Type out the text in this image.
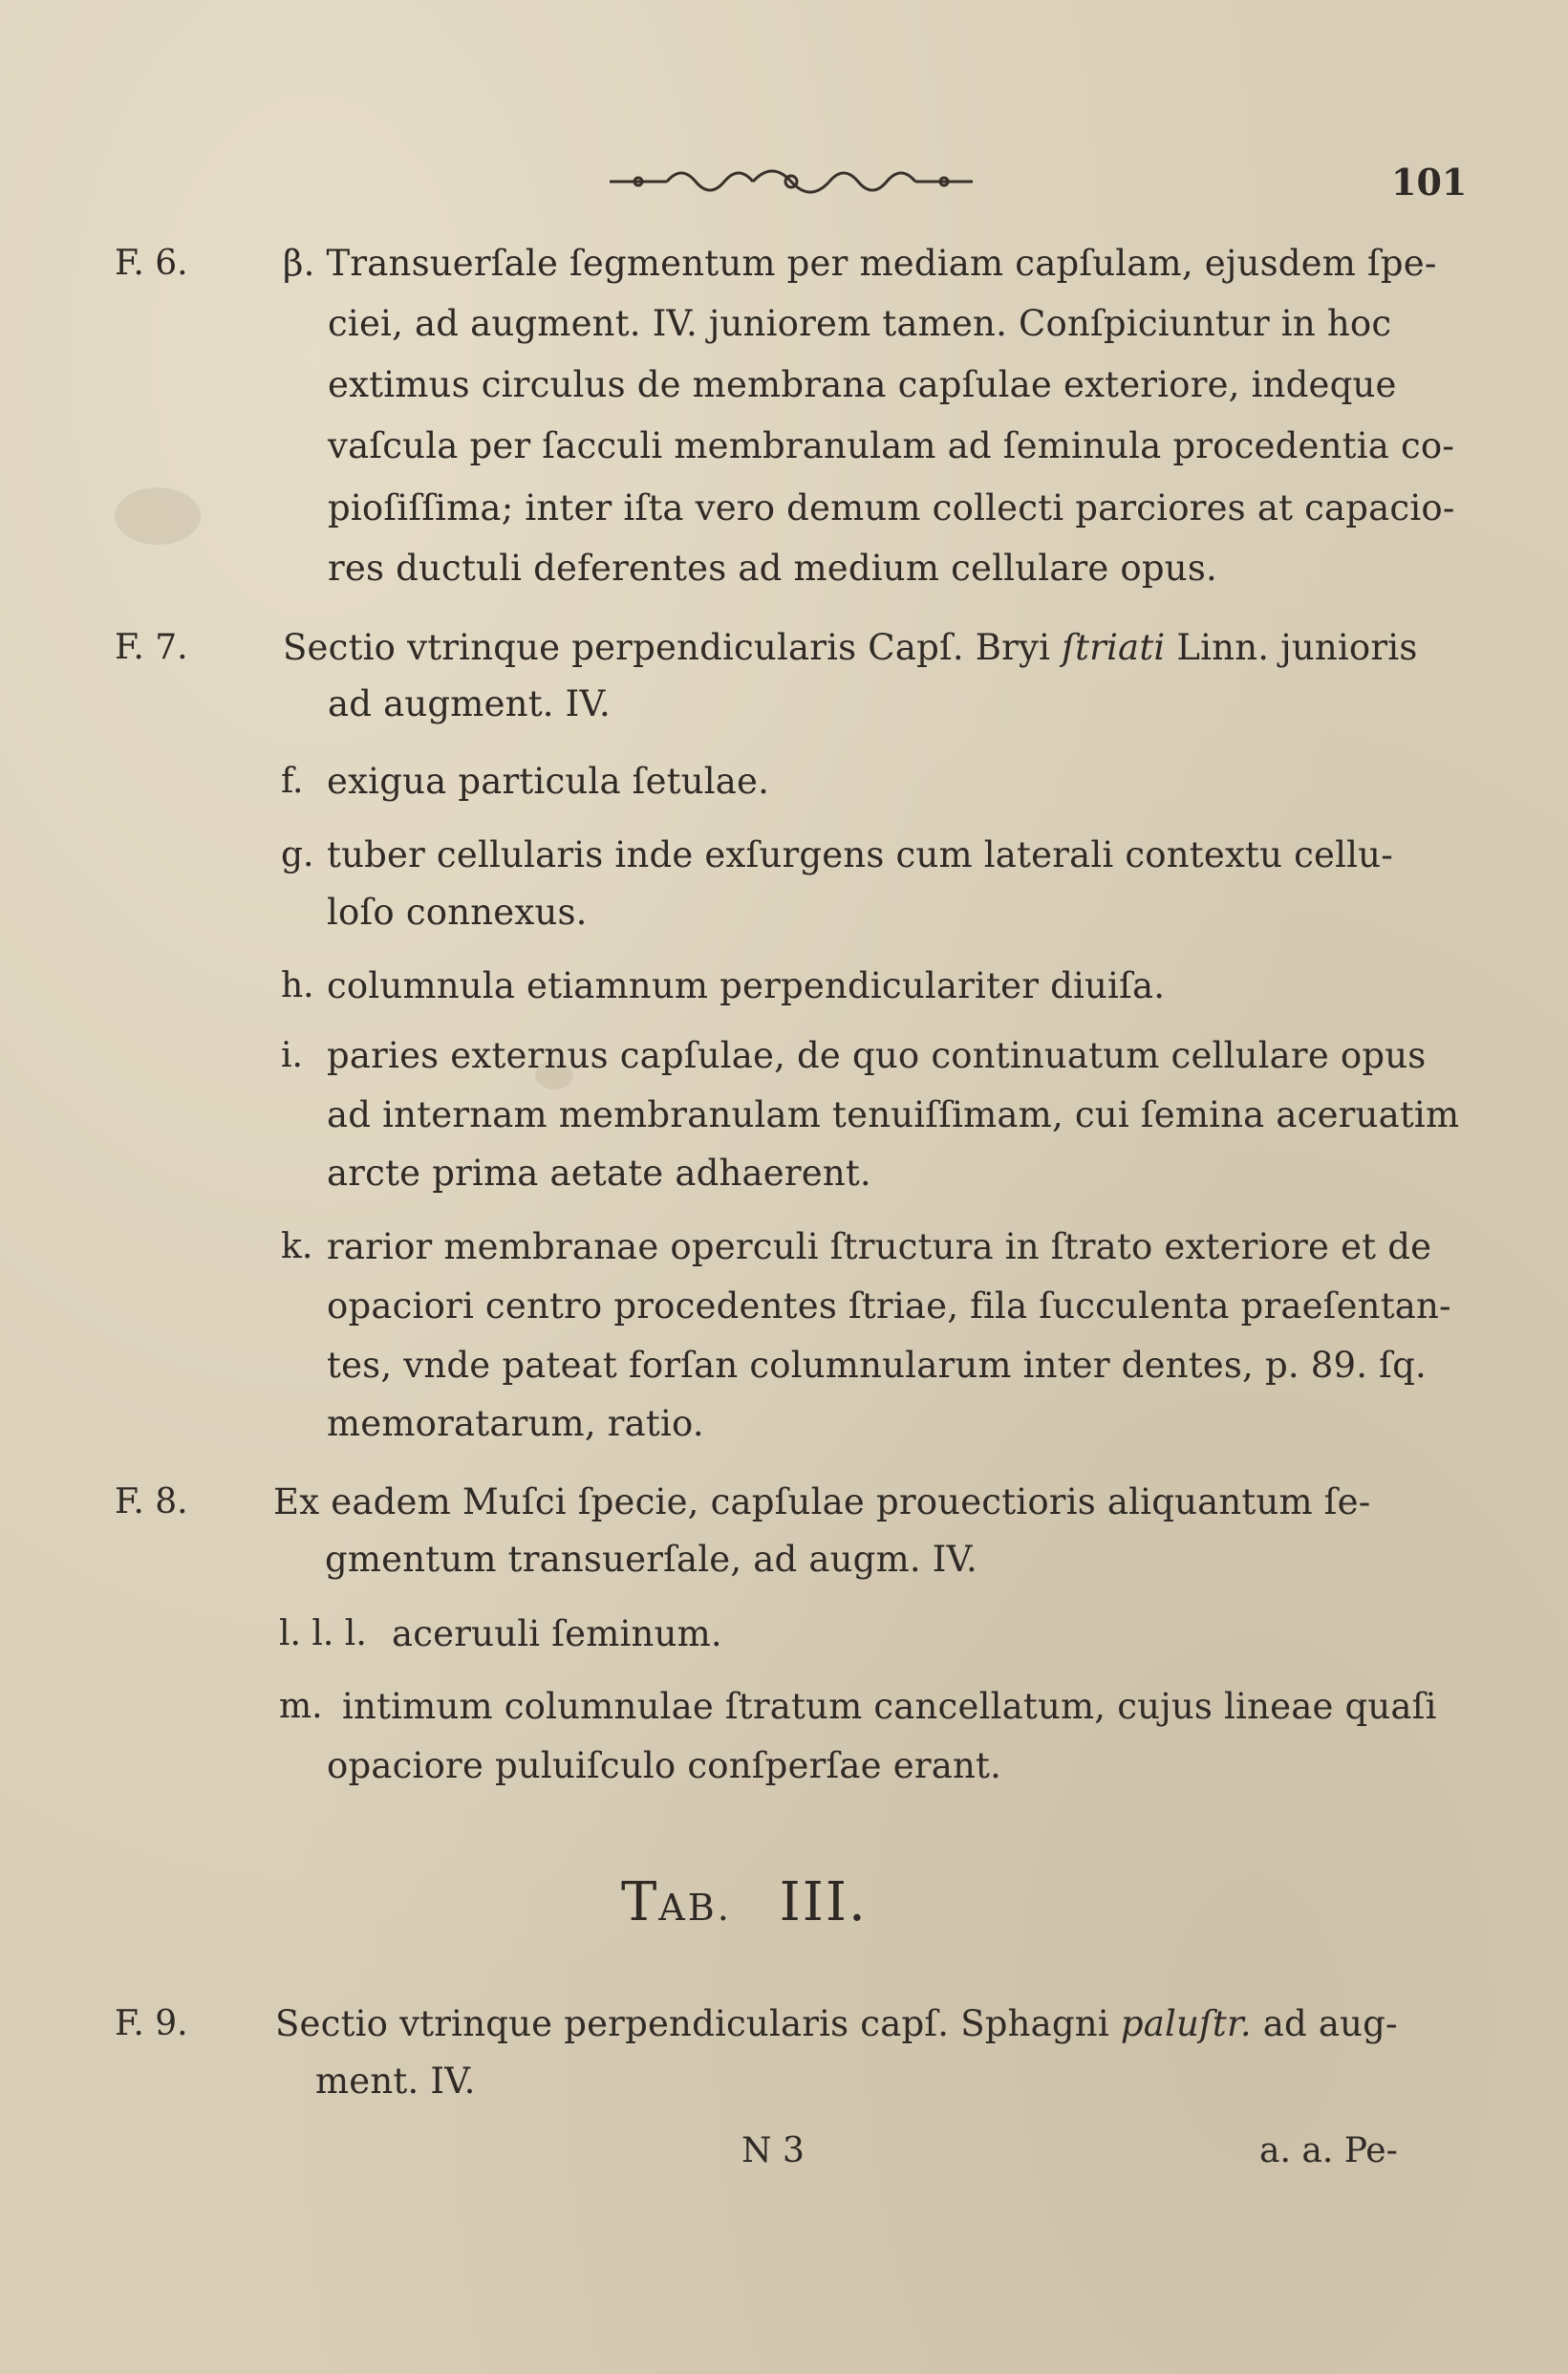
101
F. 6.	β. Transuerſale ſegmentum per mediam capſulam, ejusdem ſpe-
ciei, ad augment. IV. juniorem tamen. Conſpiciuntur in hoc
extimus circulus de membrana capſulae exteriore, indeque
vaſcula per ſacculi membranulam ad ſeminula procedentia co-
pioſiſſima; inter iſta vero demum collecti parciores at capacio-
res ductuli deferentes ad medium cellulare opus.
F. 7.	Sectio vtrinque perpendicularis Capſ. Bryi ſtriati Linn. junioris
ad augment. IV.
f. exigua particula ſetulae.
g. tuber cellularis inde exſurgens cum laterali contextu cellu-
loſo connexus.
h. columnula etiamnum perpendiculariter diuiſa.
i. paries externus capſulae, de quo continuatum cellulare opus
ad internam membranulam tenuiſſimam, cui ſemina aceruatim
arcte prima aetate adhaerent.
k. rarior membranae operculi ſtructura in ſtrato exteriore et de
opaciori centro procedentes ſtriae, fila ſucculenta praeſentan-
tes, vnde pateat forſan columnularum inter dentes, p. 89. ſq.
memoratarum, ratio.
F. 8. Ex eadem Muſci ſpecie, capſulae prouectioris aliquantum ſe-
gmentum transuerſale, ad augm. IV.
l. l. l. aceruuli ſeminum.
m. intimum columnulae ſtratum cancellatum, cujus lineae quaſi
opaciore puluiſculo conſperſae erant.
TAB. III.
F. 9. Sectio vtrinque perpendicularis capſ. Sphagni paluſtr. ad aug-
ment. IV.
N 3	a. a. Pe-
